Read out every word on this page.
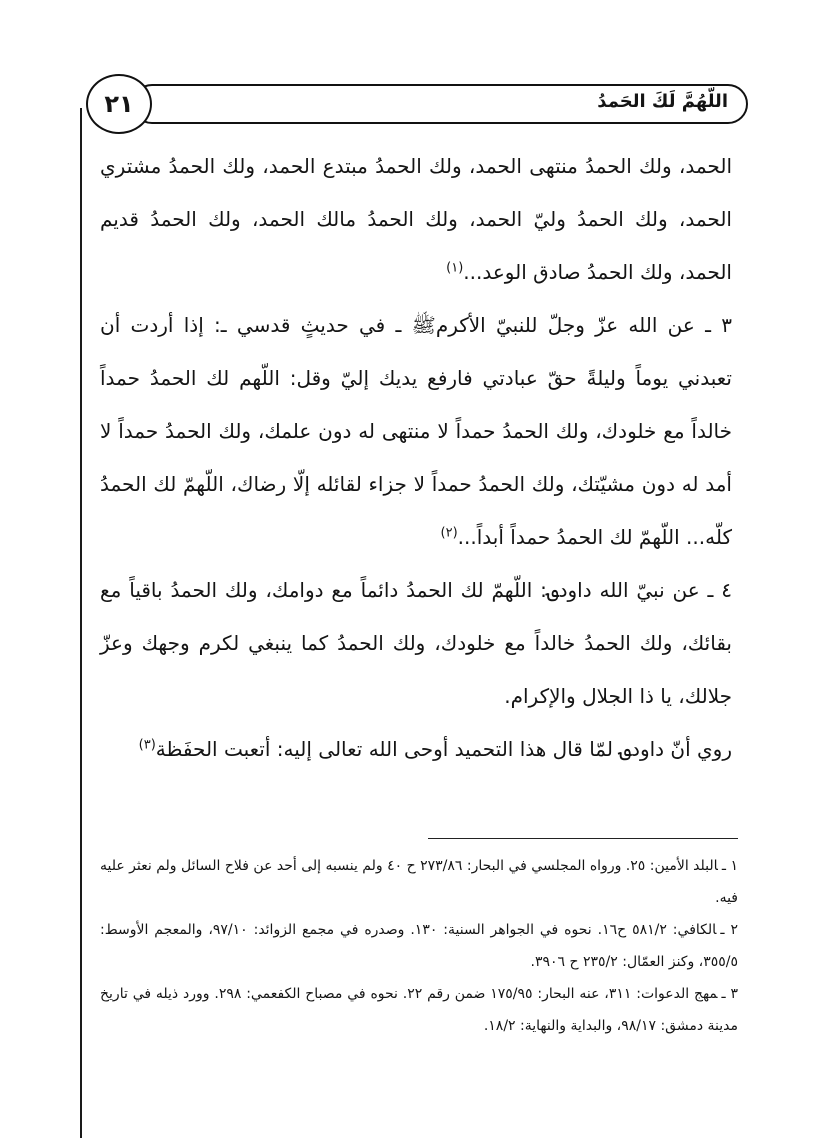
اللّهُمَّ لَكَ الحَمدُ
٢١

الحمد، ولك الحمدُ منتهى الحمد، ولك الحمدُ مبتدع الحمد، ولك الحمدُ مشتري الحمد، ولك الحمدُ وليّ الحمد، ولك الحمدُ مالك الحمد، ولك الحمدُ قديم الحمد، ولك الحمدُ صادق الوعد...$^{(١)}$

٣ ـ عن الله عزّ وجلّ للنبيّ الأكرمﷺ ـ في حديثٍ قدسي ـ: إذا أردت أن تعبدني يوماً وليلةً حقّ عبادتي فارفع يديك إليّ وقل: اللّهم لك الحمدُ حمداً خالداً مع خلودك، ولك الحمدُ حمداً لا منتهى له دون علمك، ولك الحمدُ حمداً لا أمد له دون مشيّتك، ولك الحمدُ حمداً لا جزاء لقائله إلّا رضاك، اللّهمّ لك الحمدُ كلّه... اللّهمّ لك الحمدُ حمداً أبداً...$^{(٢)}$

٤ ـ عن نبيّ الله داود؈: اللّهمّ لك الحمدُ دائماً مع دوامك، ولك الحمدُ باقياً مع بقائك، ولك الحمدُ خالداً مع خلودك، ولك الحمدُ كما ينبغي لكرم وجهك وعزّ جلالك، يا ذا الجلال والإكرام.

روي أنّ داود؈ لمّا قال هذا التحميد أوحى الله تعالى إليه: أتعبت الحفَظة$^{(٣)}$

١ ـالبلد الأمين: ٢٥. ورواه المجلسي في البحار: ٢٧٣/٨٦ ح ٤٠ ولم ينسبه إلى أحد عن فلاح السائل ولم نعثر عليه فيه.
٢ ـالكافي: ٥٨١/٢ ح١٦. نحوه في الجواهر السنية: ١٣٠. وصدره في مجمع الزوائد: ٩٧/١٠، والمعجم الأوسط: ٣٥٥/٥، وكنز العمّال: ٢٣٥/٢ ح ٣٩٠٦.
٣ ـمهج الدعوات: ٣١١، عنه البحار: ١٧٥/٩٥ ضمن رقم ٢٢. نحوه في مصباح الكفعمي: ٢٩٨. وورد ذيله في تاريخ مدينة دمشق: ٩٨/١٧، والبداية والنهاية: ١٨/٢.
